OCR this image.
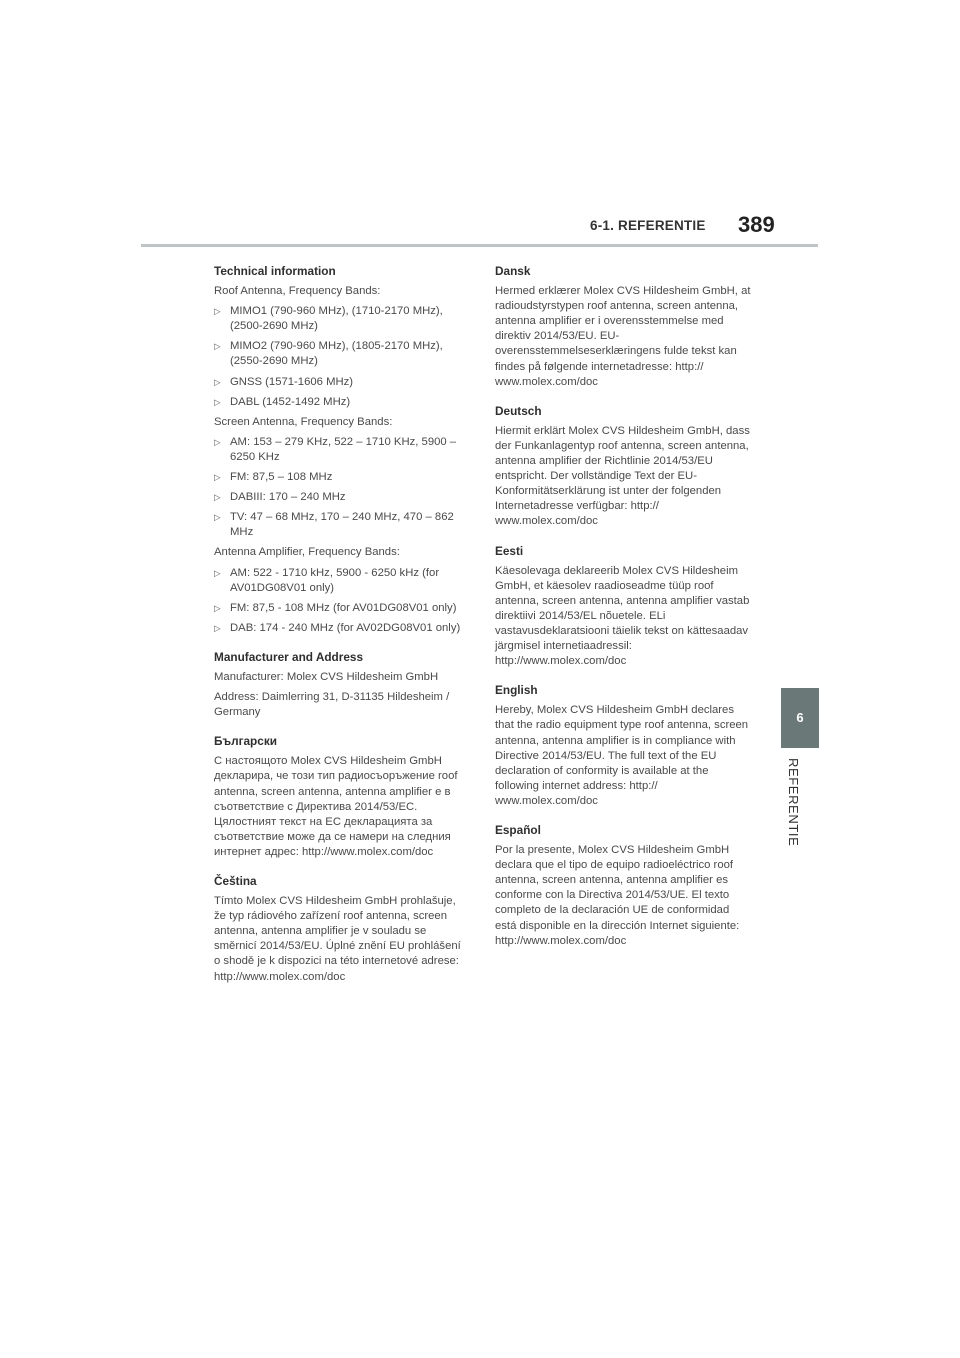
6-1. REFERENTIE 389
6
REFERENTIE
Technical information
Roof Antenna, Frequency Bands:
▷ MIMO1 (790-960 MHz), (1710-2170 MHz), (2500-2690 MHz)
▷ MIMO2 (790-960 MHz), (1805-2170 MHz), (2550-2690 MHz)
▷ GNSS (1571-1606 MHz)
▷ DABL (1452-1492 MHz)
Screen Antenna, Frequency Bands:
▷ AM: 153 – 279 KHz, 522 – 1710 KHz, 5900 – 6250 KHz
▷ FM: 87,5 – 108 MHz
▷ DABIII: 170 – 240 MHz
▷ TV: 47 – 68 MHz, 170 – 240 MHz, 470 – 862 MHz
Antenna Amplifier, Frequency Bands:
▷ AM: 522 - 1710 kHz, 5900 - 6250 kHz (for AV01DG08V01 only)
▷ FM: 87,5 - 108 MHz (for AV01DG08V01 only)
▷ DAB: 174 - 240 MHz (for AV02DG08V01 only)
Manufacturer and Address
Manufacturer: Molex CVS Hildesheim GmbH
Address: Daimlerring 31, D-31135 Hildesheim / Germany
Български
С настоящото Molex CVS Hildesheim GmbH декларира, че този тип радиосъоръжение roof antenna, screen antenna, antenna amplifier е в съответствие с Директива 2014/53/ЕС. Цялостният текст на ЕС декларацията за съответствие може да се намери на следния интернет адрес: http://www.molex.com/doc
Čeština
Tímto Molex CVS Hildesheim GmbH prohlašuje, že typ rádiového zařízení roof antenna, screen antenna, antenna amplifier je v souladu se směrnicí 2014/53/EU. Úplné znění EU prohlášení o shodě je k dispozici na této internetové adrese: http://www.molex.com/doc
Dansk
Hermed erklærer Molex CVS Hildesheim GmbH, at radioudstyrstypen roof antenna, screen antenna, antenna amplifier er i overensstemmelse med direktiv 2014/53/EU. EU-overensstemmelseserklæringens fulde tekst kan findes på følgende internetadresse: http:// www.molex.com/doc
Deutsch
Hiermit erklärt Molex CVS Hildesheim GmbH, dass der Funkanlagentyp roof antenna, screen antenna, antenna amplifier der Richtlinie 2014/53/EU entspricht. Der vollständige Text der EU-Konformitätserklärung ist unter der folgenden Internetadresse verfügbar: http:// www.molex.com/doc
Eesti
Käesolevaga deklareerib Molex CVS Hildesheim GmbH, et käesolev raadioseadme tüüp roof antenna, screen antenna, antenna amplifier vastab direktiivi 2014/53/EL nõuetele. ELi vastavusdeklaratsiooni täielik tekst on kättesaadav järgmisel internetiaadressil: http://www.molex.com/doc
English
Hereby, Molex CVS Hildesheim GmbH declares that the radio equipment type roof antenna, screen antenna, antenna amplifier is in compliance with Directive 2014/53/EU. The full text of the EU declaration of conformity is available at the following internet address: http:// www.molex.com/doc
Español
Por la presente, Molex CVS Hildesheim GmbH declara que el tipo de equipo radioeléctrico roof antenna, screen antenna, antenna amplifier es conforme con la Directiva 2014/53/UE. El texto completo de la declaración UE de conformidad está disponible en la dirección Internet siguiente: http://www.molex.com/doc
